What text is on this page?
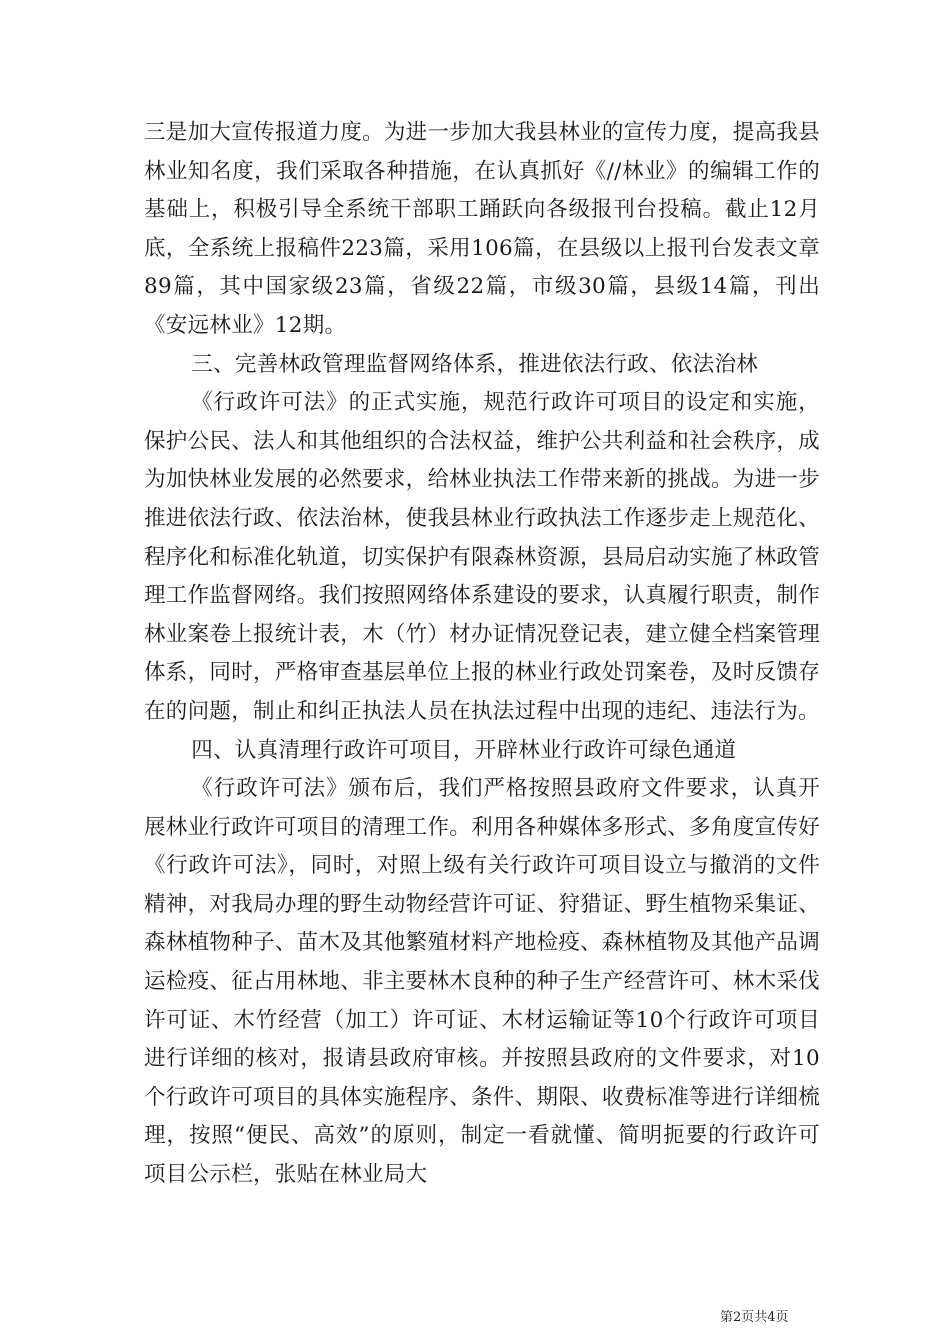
三是加大宣传报道力度。为进一步加大我县林业的宣传力度，提高我县林业知名度，我们采取各种措施，在认真抓好《//林业》的编辑工作的基础上，积极引导全系统干部职工踊跃向各级报刊台投稿。截止12月底，全系统上报稿件223篇，采用106篇，在县级以上报刊台发表文章89篇，其中国家级23篇，省级22篇，市级30篇，县级14篇，刊出《安远林业》12期。

三、完善林政管理监督网络体系，推进依法行政、依法治林

《行政许可法》的正式实施，规范行政许可项目的设定和实施，保护公民、法人和其他组织的合法权益，维护公共利益和社会秩序，成为加快林业发展的必然要求，给林业执法工作带来新的挑战。为进一步推进依法行政、依法治林，使我县林业行政执法工作逐步走上规范化、程序化和标准化轨道，切实保护有限森林资源，县局启动实施了林政管理工作监督网络。我们按照网络体系建设的要求，认真履行职责，制作林业案卷上报统计表，木（竹）材办证情况登记表，建立健全档案管理体系，同时，严格审查基层单位上报的林业行政处罚案卷，及时反馈存在的问题，制止和纠正执法人员在执法过程中出现的违纪、违法行为。

四、认真清理行政许可项目，开辟林业行政许可绿色通道

《行政许可法》颁布后，我们严格按照县政府文件要求，认真开展林业行政许可项目的清理工作。利用各种媒体多形式、多角度宣传好《行政许可法》，同时，对照上级有关行政许可项目设立与撤消的文件精神，对我局办理的野生动物经营许可证、狩猎证、野生植物采集证、森林植物种子、苗木及其他繁殖材料产地检疫、森林植物及其他产品调运检疫、征占用林地、非主要林木良种的种子生产经营许可、林木采伐许可证、木竹经营（加工）许可证、木材运输证等10个行政许可项目进行详细的核对，报请县政府审核。并按照县政府的文件要求，对10个行政许可项目的具体实施程序、条件、期限、收费标准等进行详细梳理，按照“便民、高效”的原则，制定一看就懂、简明扼要的行政许可项目公示栏，张贴在林业局大

第2页共4页
